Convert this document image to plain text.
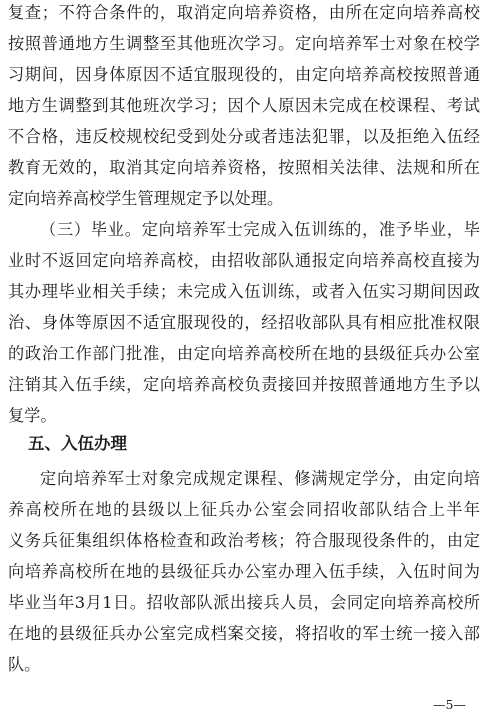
复查；不符合条件的，取消定向培养资格，由所在定向培养高校
按照普通地方生调整至其他班次学习。定向培养军士对象在校学
习期间，因身体原因不适宜服现役的，由定向培养高校按照普通
地方生调整到其他班次学习；因个人原因未完成在校课程、考试
不合格，违反校规校纪受到处分或者违法犯罪，以及拒绝入伍经
教育无效的，取消其定向培养资格，按照相关法律、法规和所在
定向培养高校学生管理规定予以处理。
（三）毕业。定向培养军士完成入伍训练的，准予毕业，毕
业时不返回定向培养高校，由招收部队通报定向培养高校直接为
其办理毕业相关手续；未完成入伍训练，或者入伍实习期间因政
治、身体等原因不适宜服现役的，经招收部队具有相应批准权限
的政治工作部门批准，由定向培养高校所在地的县级征兵办公室
注销其入伍手续，定向培养高校负责接回并按照普通地方生予以
复学。
五、入伍办理
定向培养军士对象完成规定课程、修满规定学分，由定向培
养高校所在地的县级以上征兵办公室会同招收部队结合上半年
义务兵征集组织体格检查和政治考核；符合服现役条件的，由定
向培养高校所在地的县级征兵办公室办理入伍手续，入伍时间为
毕业当年3月1日。招收部队派出接兵人员，会同定向培养高校所
在地的县级征兵办公室完成档案交接，将招收的军士统一接入部
队。
—5—
